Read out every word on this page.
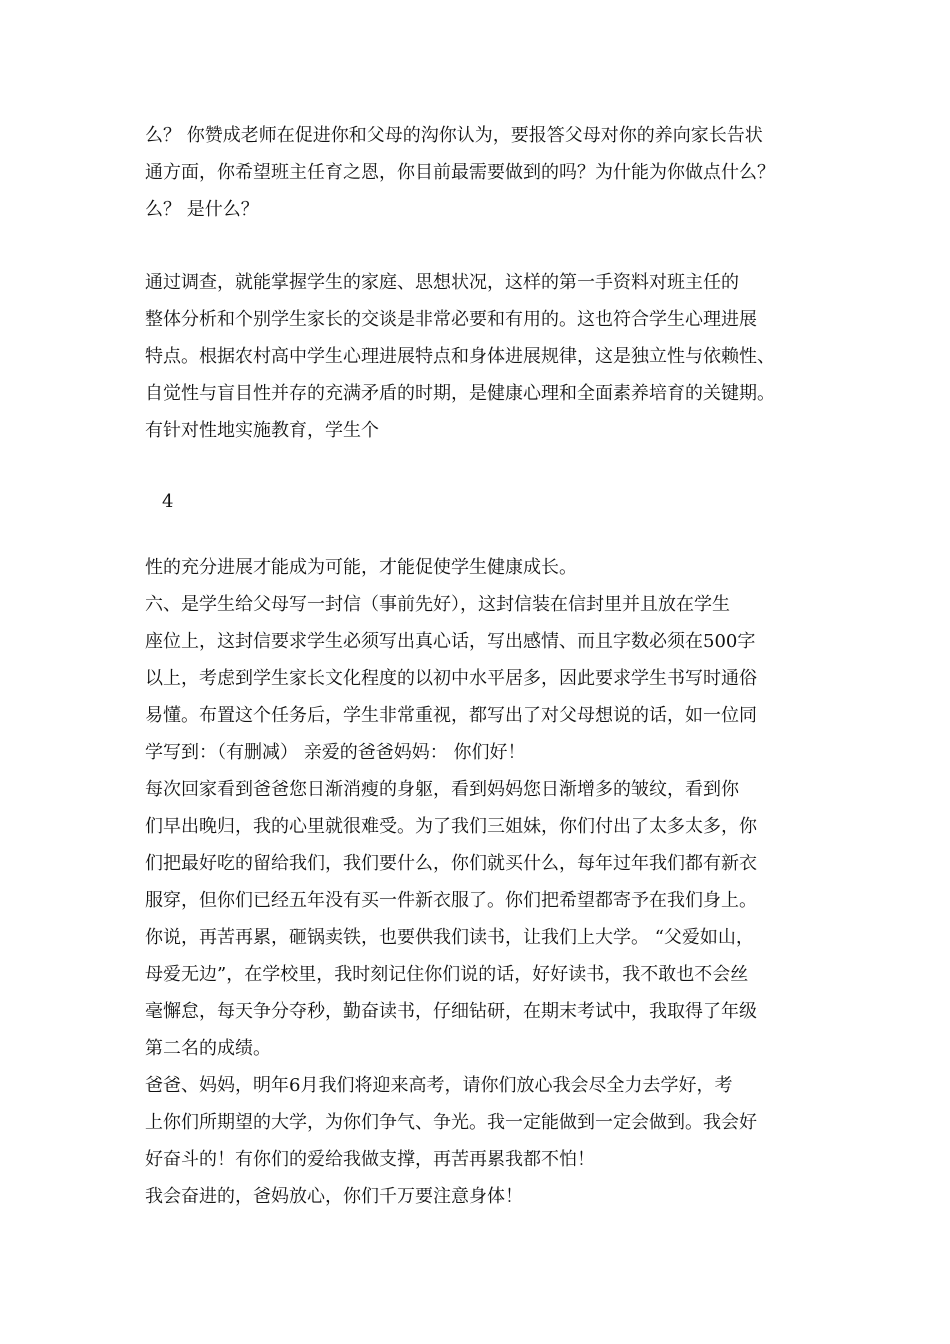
么？ 你赞成老师在促进你和父母的沟你认为，要报答父母对你的养向家长告状
通方面，你希望班主任育之恩，你目前最需要做到的吗？为什能为你做点什么？
么？ 是什么？
通过调查，就能掌握学生的家庭、思想状况，这样的第一手资料对班主任的
整体分析和个别学生家长的交谈是非常必要和有用的。这也符合学生心理进展
特点。根据农村高中学生心理进展特点和身体进展规律，这是独立性与依赖性、
自觉性与盲目性并存的充满矛盾的时期，是健康心理和全面素养培育的关键期。
有针对性地实施教育，学生个
4
性的充分进展才能成为可能，才能促使学生健康成长。
六、是学生给父母写一封信（事前先好），这封信装在信封里并且放在学生
座位上，这封信要求学生必须写出真心话，写出感情、而且字数必须在500字
以上，考虑到学生家长文化程度的以初中水平居多，因此要求学生书写时通俗
易懂。布置这个任务后，学生非常重视，都写出了对父母想说的话，如一位同
学写到：（有删减） 亲爱的爸爸妈妈： 你们好！
每次回家看到爸爸您日渐消瘦的身躯，看到妈妈您日渐增多的皱纹，看到你
们早出晚归，我的心里就很难受。为了我们三姐妹，你们付出了太多太多，你
们把最好吃的留给我们，我们要什么，你们就买什么，每年过年我们都有新衣
服穿，但你们已经五年没有买一件新衣服了。你们把希望都寄予在我们身上。
你说，再苦再累，砸锅卖铁，也要供我们读书，让我们上大学。 “父爱如山，
母爱无边”，在学校里，我时刻记住你们说的话，好好读书，我不敢也不会丝
毫懈怠，每天争分夺秒，勤奋读书，仔细钻研，在期末考试中，我取得了年级
第二名的成绩。
爸爸、妈妈，明年6月我们将迎来高考，请你们放心我会尽全力去学好，考
上你们所期望的大学，为你们争气、争光。我一定能做到一定会做到。我会好
好奋斗的！有你们的爱给我做支撑，再苦再累我都不怕！
我会奋进的，爸妈放心，你们千万要注意身体！
